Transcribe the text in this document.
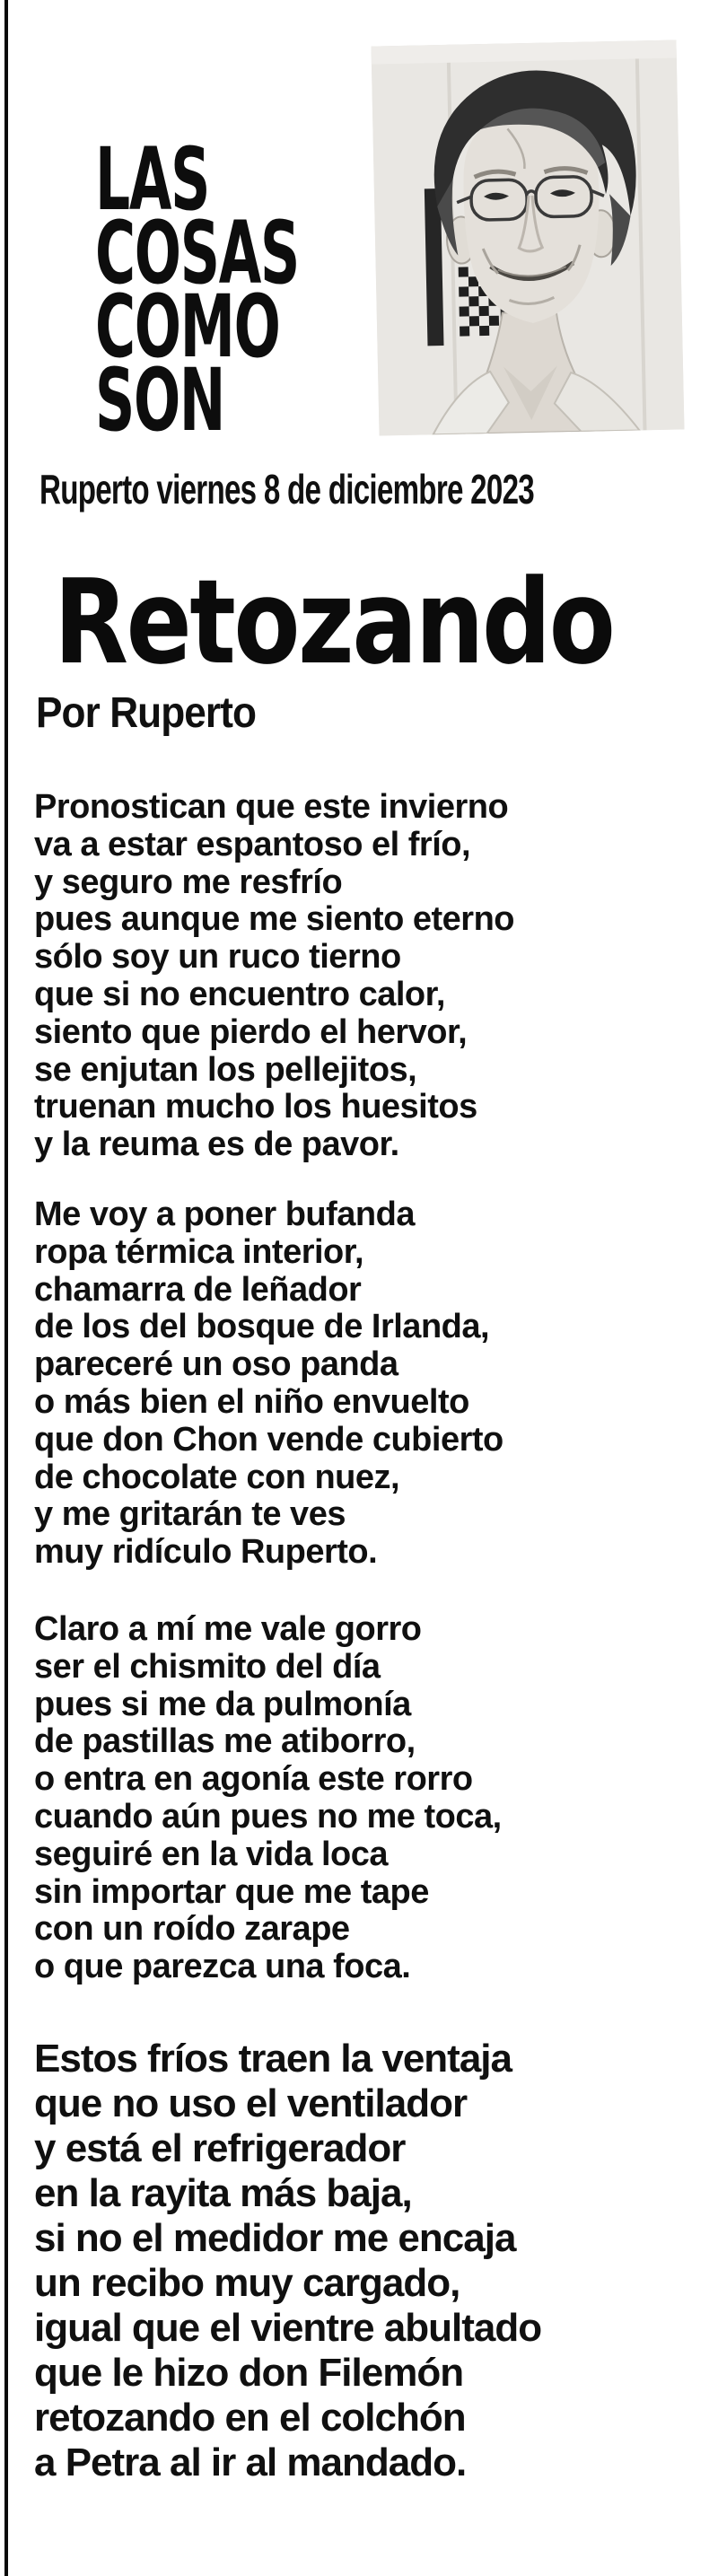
LAS
COSAS
COMO
SON
Ruperto viernes 8 de diciembre 2023
Retozando
Por Ruperto
Pronostican que este invierno
va a estar espantoso el frío,
y seguro me resfrío
pues aunque me siento eterno
sólo soy un ruco tierno
que si no encuentro calor,
siento que pierdo el hervor,
se enjutan los pellejitos,
truenan mucho los huesitos
y la reuma es de pavor.
Me voy a poner bufanda
ropa térmica interior,
chamarra de leñador
de los del bosque de Irlanda,
pareceré un oso panda
o más bien el niño envuelto
que don Chon vende cubierto
de chocolate con nuez,
y me gritarán te ves
muy ridículo Ruperto.
Claro a mí me vale gorro
ser el chismito del día
pues si me da pulmonía
de pastillas me atiborro,
o entra en agonía este rorro
cuando aún pues no me toca,
seguiré en la vida loca
sin importar que me tape
con un roído zarape
o que parezca una foca.
Estos fríos traen la ventaja
que no uso el ventilador
y está el refrigerador
en la rayita más baja,
si no el medidor me encaja
un recibo muy cargado,
igual que el vientre abultado
que le hizo don Filemón
retozando en el colchón
a Petra al ir al mandado.
